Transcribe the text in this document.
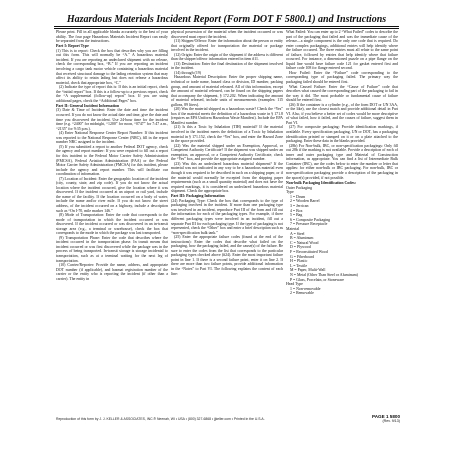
Hazardous Materials Incident Report (Form DOT F 5800.1) and Instructions

Please print. Fill in all applicable blanks accurately to the best of your ability. The four page Hazardous Materials Incident Report can easily be separated from the instructions.

Part I: Report Type

(1) This is to report: Check the box that describes why you are filling out this form. This will normally be “A.” A hazardous material incident. If you are reporting an undeclared shipment with no release, check the corresponding box, “B.” If you are reporting an incident involving a cargo tank motor vehicle containing a hazardous material that received structural damage to the lading retention system that may affect its ability to retain lading but does not release a hazardous material, check that appropriate box, “C.”

(2) Indicate the type of report this is: If this is an initial report, check the “initial report” box. If this is a follow-up to a previous report, check the “A supplemental (follow-up) report” box. If you are using additional pages, check the “Additional Pages” box.

Part II: General Incident Information

(3) Date & Time of Incident: Enter the date and time the incident occurred. If you do not know the actual date and time, give the date and time you discovered the incident. Use 24-hour time for the incident time (e.g. “2400” for midnight, “1200” for noon, “0747” for 7:47 a.m., “2135” for 9:35 p.m.).

(4) Enter National Response Center Report Number: If this incident was reported to the National Response Center (NRC), fill in the report number NRC assigned to the incident.

(5) If you submitted a report to another Federal DOT agency, check the agency and report number: If you were required to fill out a report for this incident to the Federal Motor Carrier Safety Administration (FMCSA), Federal Aviation Administration (FAA) or the Federal Motor Carrier Safety Administration (FMCSA) for this incident, please include the agency and report number. This will facilitate our coordination of information.

(7) Location of Incident: Enter the geographic location of the incident (city, county, state, and zip code). If you do not know the actual location where the incident occurred, give the location where it was discovered. If the incident occurred at an airport or rail yard, include the name of the facility. If the location occurred on a body of water, include the name and/or river mile. If you do not know the street address, of the incident occurred on a highway, include a description such as “On I-70, mile marker 146.”

(8) Mode of Transportation: Enter the code that corresponds to the mode of transportation in which the incident occurred or was discovered. If the incident occurred or was discovered in an in-transit storage area (e.g., a terminal or warehouse), check the box that corresponds to the mode in which the package was last transported.

(9) Transportation Phase: Enter the code that describes where the incident occurred in the transportation phase. In transit means that incident occurred or was first discovered while the package was in the process of being transported. In-transit storage is storage incidental to transportation, such as at a terminal waiting for the next leg of transportation.

(10) Carrier/Reporter: Provide the name, address, and appropriate DOT number (if applicable), and hazmat registration number of the carrier or the entity who is reporting the incident (if other than a carrier). The entity in

physical possession of the material when the incident occurred or was discovered must report the incident.

(11) Shipper/Offeror: Enter the information about the person or entity that originally offered for transportation the material or package involved in the incident.

(12) Origin: Enter the origin of the shipment if the address is different than the shipper/offeror information entered in item #11.

(13) Destination: Enter the final destination of the shipment involved in the incident.

(14) through (19)

Hazardous Material Description: Enter the proper shipping name, technical or trade name, hazard class or division, ID number, packing group, and amount of material released. All of this information, except the amount of material released, can be found on the shipping papers that accompany the shipment, § 172.202. When indicating the amount of material released, include units of measurements (examples: 115 gallons, 89 liters).

(20) Was the material shipped as a hazardous waste? Check the “Yes” box if the material meets the definition of a hazardous waste in § 171.8 (requires an EPA Uniform Hazardous Waste Manifest). Include the EPA Manifest number.

(21) Is this a Toxic by Inhalation (TIH) material? If the material involved in the incident meets the definition of a Toxic by Inhalation material in § 171.152, check the “Yes” box, and enter the Hazard Zone in the space provided.

(22) Was the material shipped under an Exemption, Approval, or Competent Authority Certificate? If the shipment was shipped under an exemption, an approval, or a Competent Authority Certificate, check the “Yes” box, and provide the appropriate assigned number.

(23) Was this an undeclared hazardous material shipment? If the material was not indicated in any way to be a hazardous material even though it was required to be described in such on a shipping paper, or if the material would normally be excepted from the shipping paper requirements (such as a small quantity material) and does not have the required markings, it is considered an undeclared hazardous material shipment. Check the appropriate box.

Part III: Packaging Information

(24) Packaging Type: Check the box that corresponds to the type of packaging involved in the incident. If more than one packaging type was involved in an incident, reproduce Part III of the form and fill out the information for each of the packaging types. For example, if three different packaging types were involved in an incident, fill out a separate Part III for each packaging type. If the type of packaging is not represented, check the “Other” box and enter a brief description such as “non-specification bulk tank.”

(25) Enter the appropriate failure codes (found at the end of the instructions): Enter the codes that describe what failed on the packaging, how the packaging failed, and the cause(s) of the failure. Be sure to enter the codes from the list that corresponds to the particular packaging types checked above (#24). Enter the most important failure point in line 1. If there is a second failure point, enter it on line 2. If there are more than two failure points, provide additional information in the “Notes” to Part VI. The following explains the content of each line:

What Failed: You can enter up to 2 “What Failed” codes to describe the part of the packaging that failed and was the immediate cause of the release—a single component is the only one code that is required. Do enter complex packagings, additional entries will help identify where the failure occurred. The three entries must all relate to the same point of failure, followed by entries that help identify where that failure occurred. For instance, a dimensioned puzzle on a pipe flange on the liquid line would have failure code 121 for gasket entered first and failure code 108 for flange entered second.

How Failed: Enter the “Failure” code corresponding to the corresponding type of packaging failed. The primary way the packaging failed should be entered first.

What Caused Failure: Enter the “Cause of Failure” code that describes what caused the corresponding part of the packaging to fail in the way it did. The most probable or fundamental cause of failure should be entered first.

(26) If the container is a cylinder (e.g., of the form DOT or UN 3AA, or the like), use the closest match and provide additional detail in Part VI. Also, if you believe a better set of codes would be more descriptive of what failed, how it failed, and the causes of failure, suggest them in Part VI.

(27) For composite packaging: Provide identification markings, if available. Every specification packaging, UN or DOT, has a packaging identification printed or stamped on it or on a plate attached to the packaging. Enter these data in the blanks provided.

(28b) For Non-bulk, IBC, or non-specification packagings: Only fill out 28b if the marking is not available. Provide a description of each of inner and outer packaging type and Material of Construction information, as appropriate. You can find a list of Intermediate Bulk Container (IBC), use the codes below to enter the number or letter that applies: for either non-bulk or IBC packaging. For non-bulk, IBC or non-specification packaging provide a description of the packaging in the space(s) provided, if not possible.

Non-bulk Packaging Identification Codes:
Outer Packaging
Type
1 = Drum
2 = Wooden Barrel
3 = Jerrican
4 = Box
5 = Bag
6 = Composite Packaging
7 = Pressure Receptacle
Material
A = Steel
B = Aluminum
C = Natural Wood
D = Plywood
F = Reconstituted Wood
G = Fiberboard
H = Plastic
L = Textile
M = Paper, Multi-Wall
N = Metal (Other Than Steel or Aluminum)
P = Glass, Porcelain, or Stoneware
Head Type
1 = Non-removable
2 = Removable
Reproduction of this form by J. J. KELLER & ASSOCIATES, INC.® Neenah, WI • USA • (800) 327-6868 • jjkeller.com • Printed in the U.S.A.	PAGE 1 5800
(Rev. 9/13)
